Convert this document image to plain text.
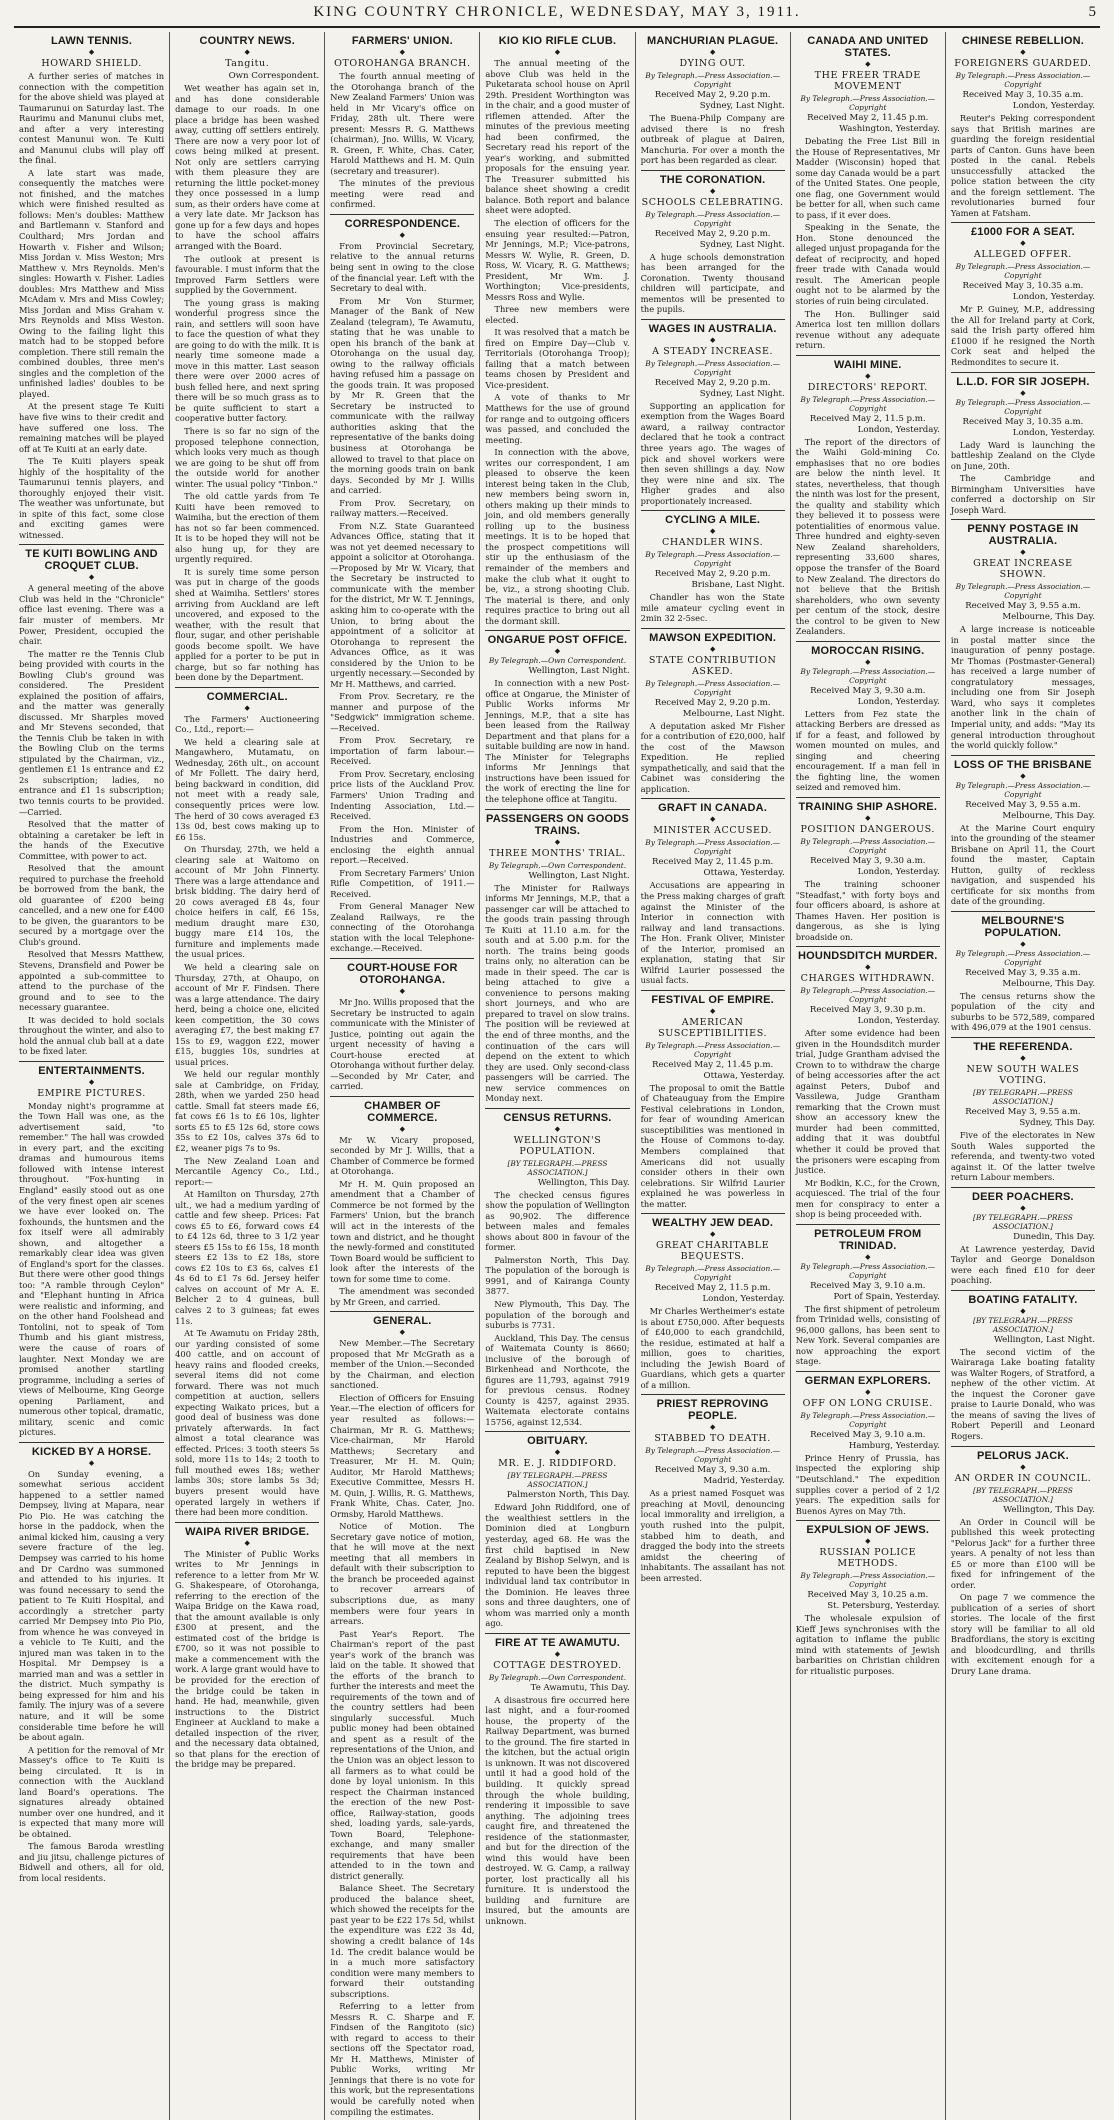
KING COUNTRY CHRONICLE, WEDNESDAY, MAY 3, 1911.	5
LAWN TENNIS.
◆
HOWARD SHIELD.
A further series of matches in connection with the competition for the above shield was played at Taumarunui on Saturday last. The Raurimu and Manunui clubs met, and after a very interesting contest Manunui won. Te Kuiti and Manunui clubs will play off the final.
A late start was made, consequently the matches were not finished, and the matches which were finished resulted as follows: Men's doubles: Matthew and Bartlemann v. Stanford and Coulthard; Mrs Jordan and Howarth v. Fisher and Wilson; Miss Jordan v. Miss Weston; Mrs Matthew v. Mrs Reynolds. Men's singles: Howarth v. Fisher. Ladies doubles: Mrs Matthew and Miss McAdam v. Mrs and Miss Cowley; Miss Jordan and Miss Graham v. Mrs Reynolds and Miss Weston. Owing to the failing light this match had to be stopped before completion. There still remain the combined doubles, three men's singles and the completion of the unfinished ladies' doubles to be played.
At the present stage Te Kuiti have five wins to their credit and have suffered one loss. The remaining matches will be played off at Te Kuiti at an early date.
The Te Kuiti players speak highly of the hospitality of the Taumarunui tennis players, and thoroughly enjoyed their visit. The weather was unfortunate, but in spite of this fact, some close and exciting games were witnessed.
TE KUITI BOWLING AND CROQUET CLUB.
◆
A general meeting of the above Club was held in the "Chronicle" office last evening. There was a fair muster of members. Mr Power, President, occupied the chair.
The matter re the Tennis Club being provided with courts in the Bowling Club's ground was considered. The President explained the position of affairs, and the matter was generally discussed. Mr Sharples moved and Mr Stevens seconded, that the Tennis Club be taken in with the Bowling Club on the terms stipulated by the Chairman, viz., gentlemen £1 1s entrance and £2 2s subscription; ladies, no entrance and £1 1s subscription; two tennis courts to be provided.—Carried.
Resolved that the matter of obtaining a caretaker be left in the hands of the Executive Committee, with power to act.
Resolved that the amount required to purchase the freehold be borrowed from the bank, the old guarantee of £200 being cancelled, and a new one for £400 to be given, the guarantors to be secured by a mortgage over the Club's ground.
Resolved that Messrs Matthew, Stevens, Dransfield and Power be appointed a sub-committee to attend to the purchase of the ground and to see to the necessary guarantee.
It was decided to hold socials throughout the winter, and also to hold the annual club ball at a date to be fixed later.
ENTERTAINMENTS.
◆
EMPIRE PICTURES.
Monday night's programme at the Town Hall was one, as the advertisement said, "to remember." The hall was crowded in every part, and the exciting dramas and humourous items followed with intense interest throughout. "Fox-hunting in England" easily stood out as one of the very finest open air scenes we have ever looked on. The foxhounds, the huntsmen and the fox itself were all admirably shown, and altogether a remarkably clear idea was given of England's sport for the classes. But there were other good things too: "A ramble through Ceylon" and "Elephant hunting in Africa were realistic and informing, and on the other hand Foolshead and Tontolini, not to speak of Tom Thumb and his giant mistress, were the cause of roars of laughter. Next Monday we are promised another startling programme, including a series of views of Melbourne, King George opening Parliament, and numerous other topical, dramatic, military, scenic and comic pictures.
KICKED BY A HORSE.
◆
On Sunday evening, a somewhat serious accident happened to a settler named Dempsey, living at Mapara, near Pio Pio. He was catching the horse in the paddock, when the animal kicked him, causing a very severe fracture of the leg. Dempsey was carried to his home and Dr Cardno was summoned and attended to his injuries. It was found necessary to send the patient to Te Kuiti Hospital, and accordingly a stretcher party carried Mr Dempsey into Pio Pio, from whence he was conveyed in a vehicle to Te Kuiti, and the injured man was taken in to the Hospital. Mr Dempsey is a married man and was a settler in the district. Much sympathy is being expressed for him and his family. The injury was of a severe nature, and it will be some considerable time before he will be about again.
A petition for the removal of Mr Massey's office to Te Kuiti is being circulated. It is in connection with the Auckland land Board's operations. The signatures already obtained number over one hundred, and it is expected that many more will be obtained.
The famous Baroda wrestling and jiu jitsu, challenge pictures of Bidwell and others, all for old, from local residents.
COUNTRY NEWS.
◆
Tangitu.
Own Correspondent.
Wet weather has again set in, and has done considerable damage to our roads. In one place a bridge has been washed away, cutting off settlers entirely. There are now a very poor lot of cows being milked at present. Not only are settlers carrying with them pleasure they are returning the little pocket-money they once possessed in a lump sum, as their orders have come at a very late date. Mr Jackson has gone up for a few days and hopes to have the school affairs arranged with the Board.
The outlook at present is favourable. I must inform that the Improved Farm Settlers were supplied by the Government.
The young grass is making wonderful progress since the rain, and settlers will soon have to face the question of what they are going to do with the milk. It is nearly time someone made a move in this matter. Last season there were over 2000 acres of bush felled here, and next spring there will be so much grass as to be quite sufficient to start a cooperative butter factory.
There is so far no sign of the proposed telephone connection, which looks very much as though we are going to be shut off from the outside world for another winter. The usual policy "Tinbon."
The old cattle yards from Te Kuiti have been removed to Waimiha, but the erection of them has not so far been commenced. It is to be hoped they will not be also hung up, for they are urgently required.
It is surely time some person was put in charge of the goods shed at Waimiha. Settlers' stores arriving from Auckland are left uncovered, and exposed to the weather, with the result that flour, sugar, and other perishable goods become spoilt. We have applied for a porter to be put in charge, but so far nothing has been done by the Department.
COMMERCIAL.
◆
The Farmers' Auctioneering Co., Ltd., report:—
We held a clearing sale at Mangawhero, Mutamatu, on Wednesday, 26th ult., on account of Mr Follett. The dairy herd, being backward in condition, did not meet with a ready sale, consequently prices were low. The herd of 30 cows averaged £3 13s 0d, best cows making up to £6 15s.
On Thursday, 27th, we held a clearing sale at Waitomo on account of Mr John Finnerty. There was a large attendance and brisk bidding. The dairy herd of 20 cows averaged £8 4s, four choice heifers in calf, £6 15s, medium draught mare £30, buggy mare £14 10s, the furniture and implements made the usual prices.
We held a clearing sale on Thursday, 27th, at Ohaupo, on account of Mr F. Findsen. There was a large attendance. The dairy herd, being a choice one, elicited keen competition, the 30 cows averaging £7, the best making £7 15s to £9, waggon £22, mower £15, buggies 10s, sundries at usual prices.
We held our regular monthly sale at Cambridge, on Friday, 28th, when we yarded 250 head cattle. Small fat steers made £6, fat cows £6 1s to £6 10s, lighter sorts £5 to £5 12s 6d, store cows 35s to £2 10s, calves 37s 6d to £2, weaner pigs 7s to 9s.
The New Zealand Loan and Mercantile Agency Co., Ltd., report:—
At Hamilton on Thursday, 27th ult., we had a medium yarding of cattle and few sheep. Prices: Fat cows £5 to £6, forward cows £4 to £4 12s 6d, three to 3 1/2 year steers £5 15s to £6 15s, 18 month steers £2 13s to £2 18s, store cows £2 10s to £3 6s, calves £1 4s 6d to £1 7s 6d. Jersey heifer calves on account of Mr A. E. Belcher 2 to 4 guineas, bull calves 2 to 3 guineas; fat ewes 11s.
At Te Awamutu on Friday 28th, our yarding consisted of some 400 cattle, and on account of heavy rains and flooded creeks, several items did not come forward. There was not much competition at auction, sellers expecting Waikato prices, but a good deal of business was done privately afterwards. In fact almost a total clearance was effected. Prices: 3 tooth steers 5s sold, more 11s to 14s; 2 tooth to full mouthed ewes 18s; wether lambs 30s; store lambs 5s 3d; buyers present would have operated largely in wethers if there had been more condition.
WAIPA RIVER BRIDGE.
◆
The Minister of Public Works writes to Mr Jennings in reference to a letter from Mr W. G. Shakespeare, of Otorohanga, referring to the erection of the Waipa Bridge on the Kawa road, that the amount available is only £300 at present, and the estimated cost of the bridge is £700, so it was not possible to make a commencement with the work. A large grant would have to be provided for the erection of the bridge could be taken in hand. He had, meanwhile, given instructions to the District Engineer at Auckland to make a detailed inspection of the river, and the necessary data obtained, so that plans for the erection of the bridge may be prepared.
FARMERS' UNION.
◆
OTOROHANGA BRANCH.
The fourth annual meeting of the Otorohanga branch of the New Zealand Farmers' Union was held in Mr Vicary's office on Friday, 28th ult. There were present: Messrs R. G. Matthews (chairman), Jno. Willis, W. Vicary, R. Green, F. White, Chas. Cater, Harold Matthews and H. M. Quin (secretary and treasurer).
The minutes of the previous meeting were read and confirmed.
CORRESPONDENCE.
◆
From Provincial Secretary, relative to the annual returns being sent in owing to the close of the financial year. Left with the Secretary to deal with.
From Mr Von Sturmer, Manager of the Bank of New Zealand (telegram), Te Awamutu, stating that he was unable to open his branch of the bank at Otorohanga on the usual day, owing to the railway officials having refused him a passage on the goods train. It was proposed by Mr R. Green that the Secretary be instructed to communicate with the railway authorities asking that the representative of the banks doing business at Otorohanga be allowed to travel to that place on the morning goods train on bank days. Seconded by Mr J. Willis and carried.
From Prov. Secretary, on railway matters.—Received.
From N.Z. State Guaranteed Advances Office, stating that it was not yet deemed necessary to appoint a solicitor at Otorohanga.—Proposed by Mr W. Vicary, that the Secretary be instructed to communicate with the member for the district, Mr W. T. Jennings, asking him to co-operate with the Union, to bring about the appointment of a solicitor at Otorohanga to represent the Advances Office, as it was considered by the Union to be urgently necessary.—Seconded by Mr H. Matthews, and carried.
From Prov. Secretary, re the manner and purpose of the "Sedgwick" immigration scheme.—Received.
From Prov. Secretary, re importation of farm labour.—Received.
From Prov. Secretary, enclosing price lists of the Auckland Prov. Farmers' Union Trading and Indenting Association, Ltd.—Received.
From the Hon. Minister of Industries and Commerce, enclosing the eighth annual report.—Received.
From Secretary Farmers' Union Rifle Competition, of 1911.—Received.
From General Manager New Zealand Railways, re the connecting of the Otorohanga station with the local Telephone-exchange.—Received.
COURT-HOUSE FOR OTOROHANGA.
◆
Mr Jno. Willis proposed that the Secretary be instructed to again communicate with the Minister of Justice, pointing out again the urgent necessity of having a Court-house erected at Otorohanga without further delay.—Seconded by Mr Cater, and carried.
CHAMBER OF COMMERCE.
◆
Mr W. Vicary proposed, seconded by Mr J. Willis, that a Chamber of Commerce be formed at Otorohanga.
Mr H. M. Quin proposed an amendment that a Chamber of Commerce be not formed by the Farmers' Union, but the branch will act in the interests of the town and district, and he thought the newly-formed and constituted Town Board would be sufficient to look after the interests of the town for some time to come.
The amendment was seconded by Mr Green, and carried.
GENERAL.
◆
New Member.—The Secretary proposed that Mr McGrath as a member of the Union.—Seconded by the Chairman, and election sanctioned.
Election of Officers for Ensuing Year.—The election of officers for year resulted as follows:—Chairman, Mr R. G. Matthews; Vice-chairman, Mr Harold Matthews; Secretary and Treasurer, Mr H. M. Quin; Auditor, Mr Harold Matthews; Executive Committee, Messrs H. M. Quin, J. Willis, R. G. Matthews, Frank White, Chas. Cater, Jno. Ormsby, Harold Matthews.
Notice of Motion. The Secretary gave notice of motion, that he will move at the next meeting that all members in default with their subscription to the branch be proceeded against to recover arrears of subscriptions due, as many members were four years in arrears.
Past Year's Report. The Chairman's report of the past year's work of the branch was laid on the table. It showed that the efforts of the branch to further the interests and meet the requirements of the town and of the country settlers had been singularly successful. Much public money had been obtained and spent as a result of the representations of the Union, and the Union was an object lesson to all farmers as to what could be done by loyal unionism. In this respect the Chairman instanced the erection of the new Post-office, Railway-station, goods shed, loading yards, sale-yards, Town Board, Telephone-exchange, and many smaller requirements that have been attended to in the town and district generally.
Balance Sheet. The Secretary produced the balance sheet, which showed the receipts for the past year to be £22 17s 5d, whilst the expenditure was £22 3s 4d, showing a credit balance of 14s 1d. The credit balance would be in a much more satisfactory condition were many members to forward their outstanding subscriptions.
Referring to a letter from Messrs R. C. Sharpe and F. Findsen of the Rangitoto (sic) with regard to access to their sections off the Spectator road, Mr H. Matthews, Minister of Public Works, writing Mr Jennings that there is no vote for this work, but the representations would be carefully noted when compiling the estimates.
KIO KIO RIFLE CLUB.
◆
The annual meeting of the above Club was held in the Puketarata school house on April 29th. President Worthington was in the chair, and a good muster of riflemen attended. After the minutes of the previous meeting had been confirmed, the Secretary read his report of the year's working, and submitted proposals for the ensuing year. The Treasurer submitted his balance sheet showing a credit balance. Both report and balance sheet were adopted.
The election of officers for the ensuing year resulted:—Patron, Mr Jennings, M.P.; Vice-patrons, Messrs W. Wylie, R. Green, D. Ross, W. Vicary, R. G. Matthews; President, Mr Wm. J. Worthington; Vice-presidents, Messrs Ross and Wylie.
Three new members were elected.
It was resolved that a match be fired on Empire Day—Club v. Territorials (Otorohanga Troop); failing that a match between teams chosen by President and Vice-president.
A vote of thanks to Mr Matthews for the use of ground for range and to outgoing officers was passed, and concluded the meeting.
In connection with the above, writes our correspondent, I am pleased to observe the keen interest being taken in the Club, new members being sworn in, others making up their minds to join, and old members generally rolling up to the business meetings. It is to be hoped that the prospect competitions will stir up the enthusiasm of the remainder of the members and make the club what it ought to be, viz., a strong shooting Club. The material is there, and only requires practice to bring out all the dormant skill.
ONGARUE POST OFFICE.
◆
By Telegraph.—Own Correspondent.
Wellington, Last Night.
In connection with a new Post-office at Ongarue, the Minister of Public Works informs Mr Jennings, M.P., that a site has been leased from the Railway Department and that plans for a suitable building are now in hand. The Minister for Telegraphs informs Mr Jennings that instructions have been issued for the work of erecting the line for the telephone office at Tangitu.
PASSENGERS ON GOODS TRAINS.
◆
THREE MONTHS' TRIAL.
By Telegraph.—Own Correspondent.
Wellington, Last Night.
The Minister for Railways informs Mr Jennings, M.P., that a passenger car will be attached to the goods train passing through Te Kuiti at 11.10 a.m. for the south and at 5.00 p.m. for the north. The trains being goods trains only, no alteration can be made in their speed. The car is being attached to give a convenience to persons making short journeys, and who are prepared to travel on slow trains. The position will be reviewed at the end of three months, and the continuation of the cars will depend on the extent to which they are used. Only second-class passengers will be carried. The new service commences on Monday next.
CENSUS RETURNS.
◆
WELLINGTON'S POPULATION.
[BY TELEGRAPH.—PRESS ASSOCIATION.]
Wellington, This Day.
The checked census figures show the population of Wellington as 90,902. The difference between males and females shows about 800 in favour of the former.
Palmerston North, This Day. The population of the borough is 9991, and of Kairanga County 3877.
New Plymouth, This Day. The population of the borough and suburbs is 7731.
Auckland, This Day. The census of Waitemata County is 8660; inclusive of the borough of Birkenhead and Northcote, the figures are 11,793, against 7919 for previous census. Rodney County is 4257, against 2935. Waitemata electorate contains 15756, against 12,534.
OBITUARY.
◆
MR. E. J. RIDDIFORD.
[BY TELEGRAPH.—PRESS ASSOCIATION.]
Palmerston North, This Day.
Edward John Riddiford, one of the wealthiest settlers in the Dominion died at Longburn yesterday, aged 68. He was the first child baptised in New Zealand by Bishop Selwyn, and is reputed to have been the biggest individual land tax contributor in the Dominion. He leaves three sons and three daughters, one of whom was married only a month ago.
FIRE AT TE AWAMUTU.
◆
COTTAGE DESTROYED.
By Telegraph.—Own Correspondent.
Te Awamutu, This Day.
A disastrous fire occurred here last night, and a four-roomed house, the property of the Railway Department, was burned to the ground. The fire started in the kitchen, but the actual origin is unknown. It was not discovered until it had a good hold of the building. It quickly spread through the whole building, rendering it impossible to save anything. The adjoining trees caught fire, and threatened the residence of the stationmaster, and but for the direction of the wind this would have been destroyed. W. G. Camp, a railway porter, lost practically all his furniture. It is understood the building and furniture are insured, but the amounts are unknown.
MANCHURIAN PLAGUE.
◆
DYING OUT.
By Telegraph.—Press Association.—Copyright
Received May 2, 9.20 p.m.
Sydney, Last Night.
The Buena-Philp Company are advised there is no fresh outbreak of plague at Dairen, Manchuria. For over a month the port has been regarded as clear.
THE CORONATION.
◆
SCHOOLS CELEBRATING.
By Telegraph.—Press Association.—Copyright
Received May 2, 9.20 p.m.
Sydney, Last Night.
A huge schools demonstration has been arranged for the Coronation. Twenty thousand children will participate, and mementos will be presented to the pupils.
WAGES IN AUSTRALIA.
◆
A STEADY INCREASE.
By Telegraph.—Press Association.—Copyright
Received May 2, 9.20 p.m.
Sydney, Last Night.
Supporting an application for exemption from the Wages Board award, a railway contractor declared that he took a contract three years ago. The wages of pick and shovel workers were then seven shillings a day. Now they were nine and six. The Higher grades and also proportionately increased.
CYCLING A MILE.
◆
CHANDLER WINS.
By Telegraph.—Press Association.—Copyright
Received May 2, 9.20 p.m.
Brisbane, Last Night.
Chandler has won the State mile amateur cycling event in 2min 32 2-5sec.
MAWSON EXPEDITION.
◆
STATE CONTRIBUTION ASKED.
By Telegraph.—Press Association.—Copyright
Received May 2, 9.20 p.m.
Melbourne, Last Night.
A deputation asked Mr Fisher for a contribution of £20,000, half the cost of the Mawson Expedition. He replied sympathetically, and said that the Cabinet was considering the application.
GRAFT IN CANADA.
◆
MINISTER ACCUSED.
By Telegraph.—Press Association.—Copyright
Received May 2, 11.45 p.m.
Ottawa, Yesterday.
Accusations are appearing in the Press making charges of graft against the Minister of the Interior in connection with railway and land transactions. The Hon. Frank Oliver, Minister of the Interior, promised an explanation, stating that Sir Wilfrid Laurier possessed the usual facts.
FESTIVAL OF EMPIRE.
◆
AMERICAN SUSCEPTIBILITIES.
By Telegraph.—Press Association.—Copyright
Received May 2, 11.45 p.m.
Ottawa, Yesterday.
The proposal to omit the Battle of Chateauguay from the Empire Festival celebrations in London, for fear of wounding American susceptibilities was mentioned in the House of Commons to-day. Members complained that Americans did not usually consider others in their own celebrations. Sir Wilfrid Laurier explained he was powerless in the matter.
WEALTHY JEW DEAD.
◆
GREAT CHARITABLE BEQUESTS.
By Telegraph.—Press Association.—Copyright
Received May 2, 11.5 p.m.
London, Yesterday.
Mr Charles Wertheimer's estate is about £750,000. After bequests of £40,000 to each grandchild, the residue, estimated at half a million, goes to charities, including the Jewish Board of Guardians, which gets a quarter of a million.
PRIEST REPROVING PEOPLE.
◆
STABBED TO DEATH.
By Telegraph.—Press Association.—Copyright
Received May 3, 9.30 a.m.
Madrid, Yesterday.
As a priest named Fosquet was preaching at Movil, denouncing local immorality and irreligion, a youth rushed into the pulpit, stabbed him to death, and dragged the body into the streets amidst the cheering of inhabitants. The assailant has not been arrested.
CANADA AND UNITED STATES.
◆
THE FREER TRADE MOVEMENT
By Telegraph.—Press Association.—Copyright
Received May 2, 11.45 p.m.
Washington, Yesterday.
Debating the Free List Bill in the House of Representatives, Mr Madder (Wisconsin) hoped that some day Canada would be a part of the United States. One people, one flag, one Government would be better for all, when such came to pass, if it ever does.
Speaking in the Senate, the Hon. Stone denounced the alleged unjust propaganda for the defeat of reciprocity, and hoped freer trade with Canada would result. The American people ought not to be alarmed by the stories of ruin being circulated.
The Hon. Bullinger said America lost ten million dollars revenue without any adequate return.
WAIHI MINE.
◆
DIRECTORS' REPORT.
By Telegraph.—Press Association.—Copyright
Received May 2, 11.5 p.m.
London, Yesterday.
The report of the directors of the Waihi Gold-mining Co. emphasises that no ore bodies are below the ninth level. It states, nevertheless, that though the ninth was lost for the present, the quality and stability which they believed it to possess were potentialities of enormous value. Three hundred and eighty-seven New Zealand shareholders, representing 33,600 shares, oppose the transfer of the Board to New Zealand. The directors do not believe that the British shareholders, who own seventy per centum of the stock, desire the control to be given to New Zealanders.
MOROCCAN RISING.
◆
By Telegraph.—Press Association.—Copyright
Received May 3, 9.30 a.m.
London, Yesterday.
Letters from Fez state the attacking Berbers are dressed as if for a feast, and followed by women mounted on mules, and singing and cheering encouragement. If a man fell in the fighting line, the women seized and removed him.
TRAINING SHIP ASHORE.
◆
POSITION DANGEROUS.
By Telegraph.—Press Association.—Copyright
Received May 3, 9.30 a.m.
London, Yesterday.
The training schooner "Steadfast," with forty boys and four officers aboard, is ashore at Thames Haven. Her position is dangerous, as she is lying broadside on.
HOUNDSDITCH MURDER.
◆
CHARGES WITHDRAWN.
By Telegraph.—Press Association.—Copyright
Received May 3, 9.30 p.m.
London, Yesterday.
After some evidence had been given in the Houndsditch murder trial, Judge Grantham advised the Crown to to withdraw the charge of being accessories after the act against Peters, Dubof and Vassilewa, Judge Grantham remarking that the Crown must show an accessory knew the murder had been committed, adding that it was doubtful whether it could be proved that the prisoners were escaping from justice.
Mr Bodkin, K.C., for the Crown, acquiesced. The trial of the four men for conspiracy to enter a shop is being proceeded with.
PETROLEUM FROM TRINIDAD.
◆
By Telegraph.—Press Association.—Copyright
Received May 3, 9.10 a.m.
Port of Spain, Yesterday.
The first shipment of petroleum from Trinidad wells, consisting of 96,000 gallons, has been sent to New York. Several companies are now approaching the export stage.
GERMAN EXPLORERS.
◆
OFF ON LONG CRUISE.
By Telegraph.—Press Association.—Copyright
Received May 3, 9.10 a.m.
Hamburg, Yesterday.
Prince Henry of Prussia, has inspected the exploring ship "Deutschland." The expedition supplies cover a period of 2 1/2 years. The expedition sails for Buenos Ayres on May 7th.
EXPULSION OF JEWS.
◆
RUSSIAN POLICE METHODS.
By Telegraph.—Press Association.—Copyright
Received May 3, 10.25 a.m.
St. Petersburg, Yesterday.
The wholesale expulsion of Kieff Jews synchronises with the agitation to inflame the public mind with statements of Jewish barbarities on Christian children for ritualistic purposes.
CHINESE REBELLION.
◆
FOREIGNERS GUARDED.
By Telegraph.—Press Association.—Copyright
Received May 3, 10.35 a.m.
London, Yesterday.
Reuter's Peking correspondent says that British marines are guarding the foreign residential parts of Canton. Guns have been posted in the canal. Rebels unsuccessfully attacked the police station between the city and the foreign settlement. The revolutionaries burned four Yamen at Fatsham.
£1000 FOR A SEAT.
◆
ALLEGED OFFER.
By Telegraph.—Press Association.—Copyright
Received May 3, 10.35 a.m.
London, Yesterday.
Mr P. Guiney, M.P., addressing the All for Ireland party at Cork, said the Irish party offered him £1000 if he resigned the North Cork seat and helped the Redmondites to secure it.
L.L.D. FOR SIR JOSEPH.
◆
By Telegraph.—Press Association.—Copyright
Received May 3, 10.35 a.m.
London, Yesterday.
Lady Ward is launching the battleship Zealand on the Clyde on June, 20th.
The Cambridge and Birmingham Universities have conferred a doctorship on Sir Joseph Ward.
PENNY POSTAGE IN AUSTRALIA.
◆
GREAT INCREASE SHOWN.
By Telegraph.—Press Association.—Copyright
Received May 3, 9.55 a.m.
Melbourne, This Day.
A large increase is noticeable in postal matter since the inauguration of penny postage. Mr Thomas (Postmaster-General) has received a large number of congratulatory messages, including one from Sir Joseph Ward, who says it completes another link in the chain of Imperial unity, and adds: "May its general introduction throughout the world quickly follow."
LOSS OF THE BRISBANE
◆
By Telegraph.—Press Association.—Copyright
Received May 3, 9.55 a.m.
Melbourne, This Day.
At the Marine Court enquiry into the grounding of the steamer Brisbane on April 11, the Court found the master, Captain Hutton, guilty of reckless navigation, and suspended his certificate for six months from date of the grounding.
MELBOURNE'S POPULATION.
◆
By Telegraph.—Press Association.—Copyright
Received May 3, 9.35 a.m.
Melbourne, This Day.
The census returns show the population of the city and suburbs to be 572,589, compared with 496,079 at the 1901 census.
THE REFERENDA.
◆
NEW SOUTH WALES VOTING.
[BY TELEGRAPH.—PRESS ASSOCIATION.]
Received May 3, 9.55 a.m.
Sydney, This Day.
Five of the electorates in New South Wales supported the referenda, and twenty-two voted against it. Of the latter twelve return Labour members.
DEER POACHERS.
◆
[BY TELEGRAPH.—PRESS ASSOCIATION.]
Dunedin, This Day.
At Lawrence yesterday, David Taylor and George Donaldson were each fined £10 for deer poaching.
BOATING FATALITY.
◆
[BY TELEGRAPH.—PRESS ASSOCIATION.]
Wellington, Last Night.
The second victim of the Wairaraga Lake boating fatality was Walter Rogers, of Stratford, a nephew of the other victim. At the inquest the Coroner gave praise to Laurie Donald, who was the means of saving the lives of Robert Peperill and Leonard Rogers.
PELORUS JACK.
◆
AN ORDER IN COUNCIL.
[BY TELEGRAPH.—PRESS ASSOCIATION.]
Wellington, This Day.
An Order in Council will be published this week protecting "Pelorus Jack" for a further three years. A penalty of not less than £5 or more than £100 will be fixed for infringement of the order.
On page 7 we commence the publication of a series of short stories. The locale of the first story will be familiar to all old Bradfordians, the story is exciting and bloodcurdling, and thrills with excitement enough for a Drury Lane drama.
